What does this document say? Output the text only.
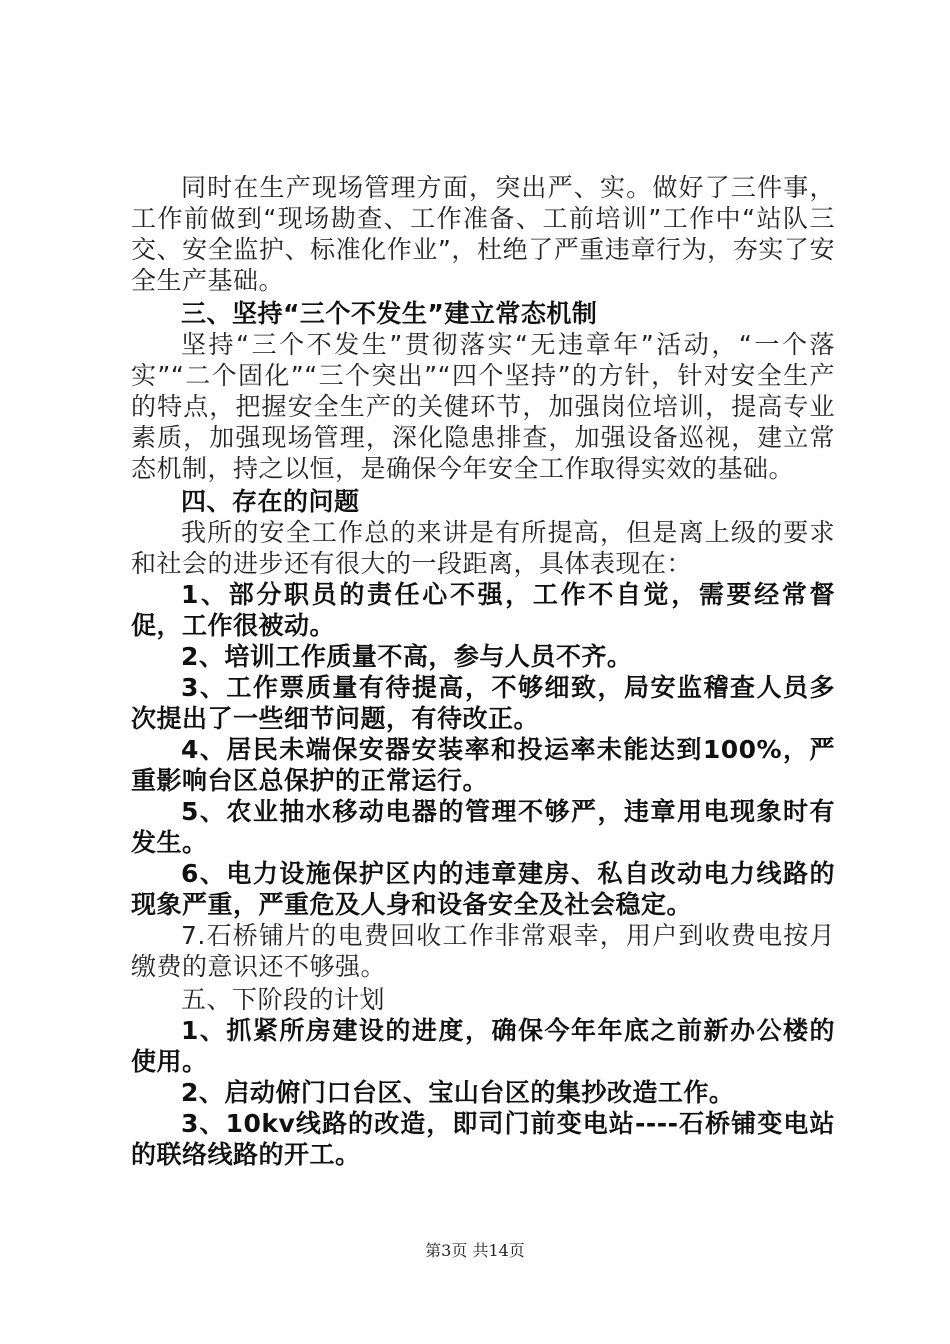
同时在生产现场管理方面，突出严、实。做好了三件事，工作前做到“现场勘查、工作准备、工前培训”工作中“站队三交、安全监护、标准化作业”，杜绝了严重违章行为，夯实了安全生产基础。

三、坚持“三个不发生”建立常态机制

坚持“三个不发生”贯彻落实“无违章年”活动，“一个落实”“二个固化”“三个突出”“四个坚持”的方针，针对安全生产的特点，把握安全生产的关健环节，加强岗位培训，提高专业素质，加强现场管理，深化隐患排查，加强设备巡视，建立常态机制，持之以恒，是确保今年安全工作取得实效的基础。

四、存在的问题

我所的安全工作总的来讲是有所提高，但是离上级的要求和社会的进步还有很大的一段距离，具体表现在：

1、部分职员的责任心不强，工作不自觉，需要经常督促，工作很被动。

2、培训工作质量不高，参与人员不齐。

3、工作票质量有待提高，不够细致，局安监稽查人员多次提出了一些细节问题，有待改正。

4、居民未端保安器安装率和投运率未能达到100%，严重影响台区总保护的正常运行。

5、农业抽水移动电器的管理不够严，违章用电现象时有发生。

6、电力设施保护区内的违章建房、私自改动电力线路的现象严重，严重危及人身和设备安全及社会稳定。

7.石桥铺片的电费回收工作非常艰幸，用户到收费电按月缴费的意识还不够强。

五、下阶段的计划

1、抓紧所房建设的进度，确保今年年底之前新办公楼的使用。

2、启动俯门口台区、宝山台区的集抄改造工作。

3、10kv线路的改造，即司门前变电站----石桥铺变电站的联络线路的开工。

第3页 共14页
